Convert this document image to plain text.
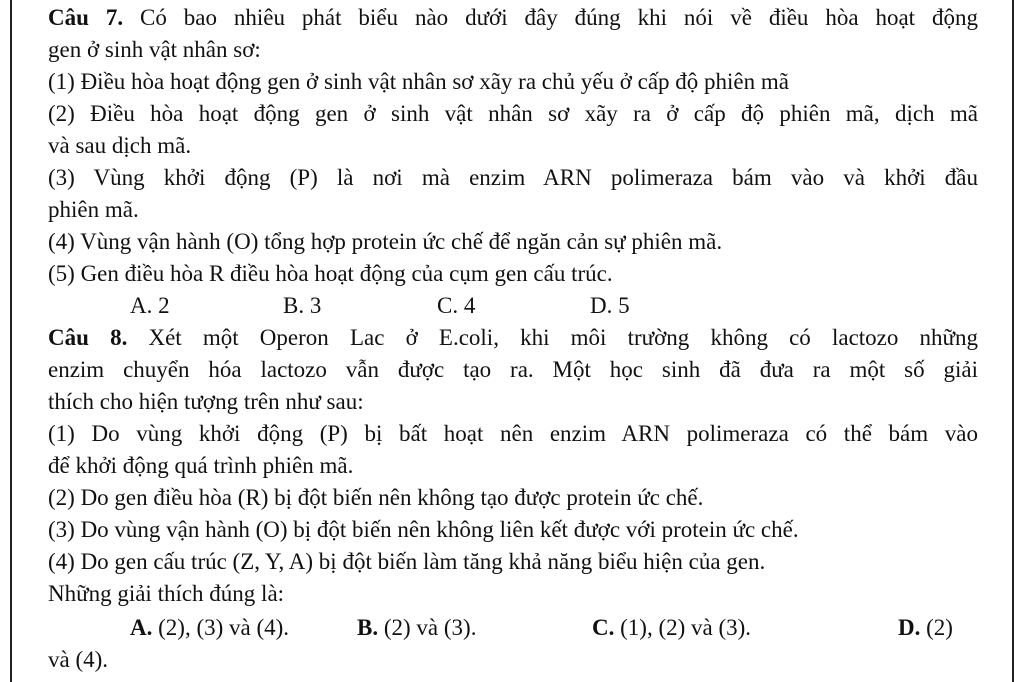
Câu 7. Có bao nhiêu phát biểu nào dưới đây đúng khi nói về điều hòa hoạt động
gen ở sinh vật nhân sơ:
(1) Điều hòa hoạt động gen ở sinh vật nhân sơ xãy ra chủ yếu ở cấp độ phiên mã
(2) Điều hòa hoạt động gen ở sinh vật nhân sơ xãy ra ở cấp độ phiên mã, dịch mã
và sau dịch mã.
(3) Vùng khởi động (P) là nơi mà enzim ARN polimeraza bám vào và khởi đầu
phiên mã.
(4) Vùng vận hành (O) tổng hợp protein ức chế để ngăn cản sự phiên mã.
(5) Gen điều hòa R điều hòa hoạt động của cụm gen cấu trúc.
A. 2	B. 3	C. 4	D. 5
Câu 8. Xét một Operon Lac ở E.coli, khi môi trường không có lactozo những
enzim chuyển hóa lactozo vẫn được tạo ra. Một học sinh đã đưa ra một số giải
thích cho hiện tượng trên như sau:
(1) Do vùng khởi động (P) bị bất hoạt nên enzim ARN polimeraza có thể bám vào
để khởi động quá trình phiên mã.
(2) Do gen điều hòa (R) bị đột biến nên không tạo được protein ức chế.
(3) Do vùng vận hành (O) bị đột biến nên không liên kết được với protein ức chế.
(4) Do gen cấu trúc (Z, Y, A) bị đột biến làm tăng khả năng biểu hiện của gen.
Những giải thích đúng là:
A. (2), (3) và (4).	B. (2) và (3).	C. (1), (2) và (3).	D. (2)
và (4).
